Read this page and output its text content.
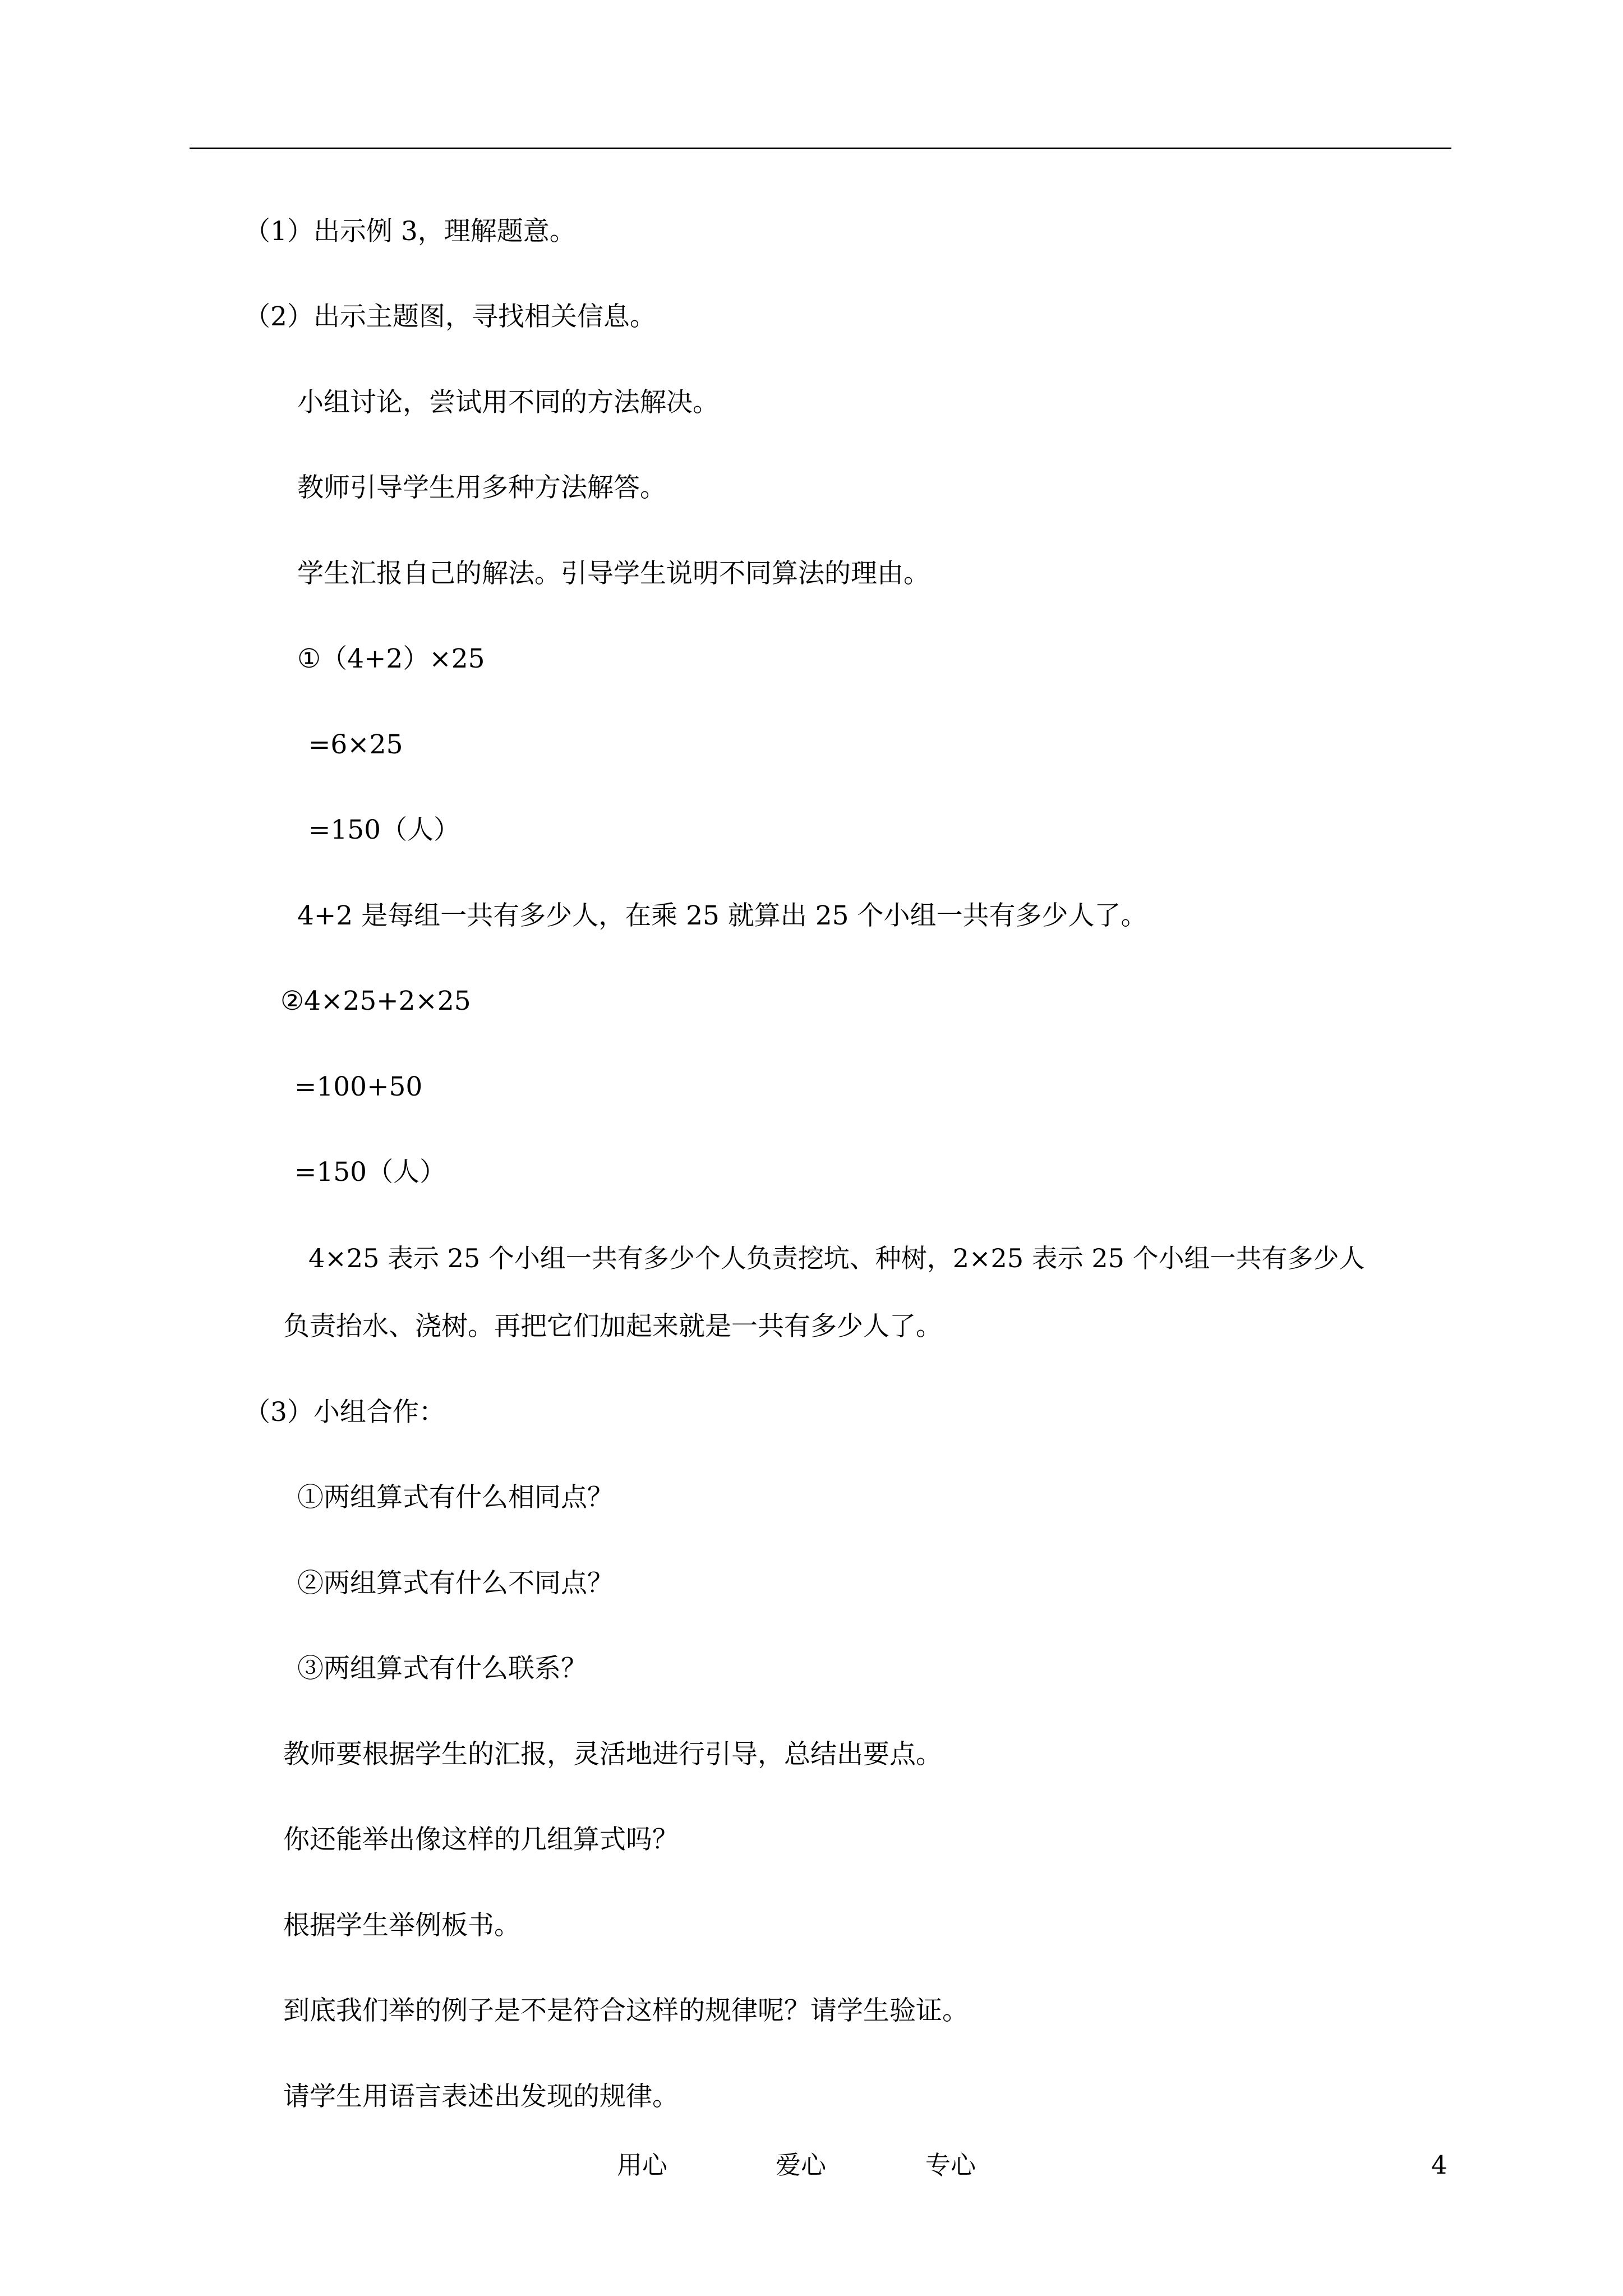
（1）出示例 3，理解题意。
（2）出示主题图，寻找相关信息。
小组讨论，尝试用不同的方法解决。
教师引导学生用多种方法解答。
学生汇报自己的解法。引导学生说明不同算法的理由。
①（4+2）×25
=6×25
=150（人）
4+2 是每组一共有多少人，在乘 25 就算出 25 个小组一共有多少人了。
②4×25+2×25
=100+50
=150（人）
4×25 表示 25 个小组一共有多少个人负责挖坑、种树，2×25 表示 25 个小组一共有多少人
负责抬水、浇树。再把它们加起来就是一共有多少人了。
（3）小组合作：
①两组算式有什么相同点？
②两组算式有什么不同点？
③两组算式有什么联系？
教师要根据学生的汇报，灵活地进行引导，总结出要点。
你还能举出像这样的几组算式吗？
根据学生举例板书。
到底我们举的例子是不是符合这样的规律呢？请学生验证。
请学生用语言表述出发现的规律。
用心	爱心	专心	4
